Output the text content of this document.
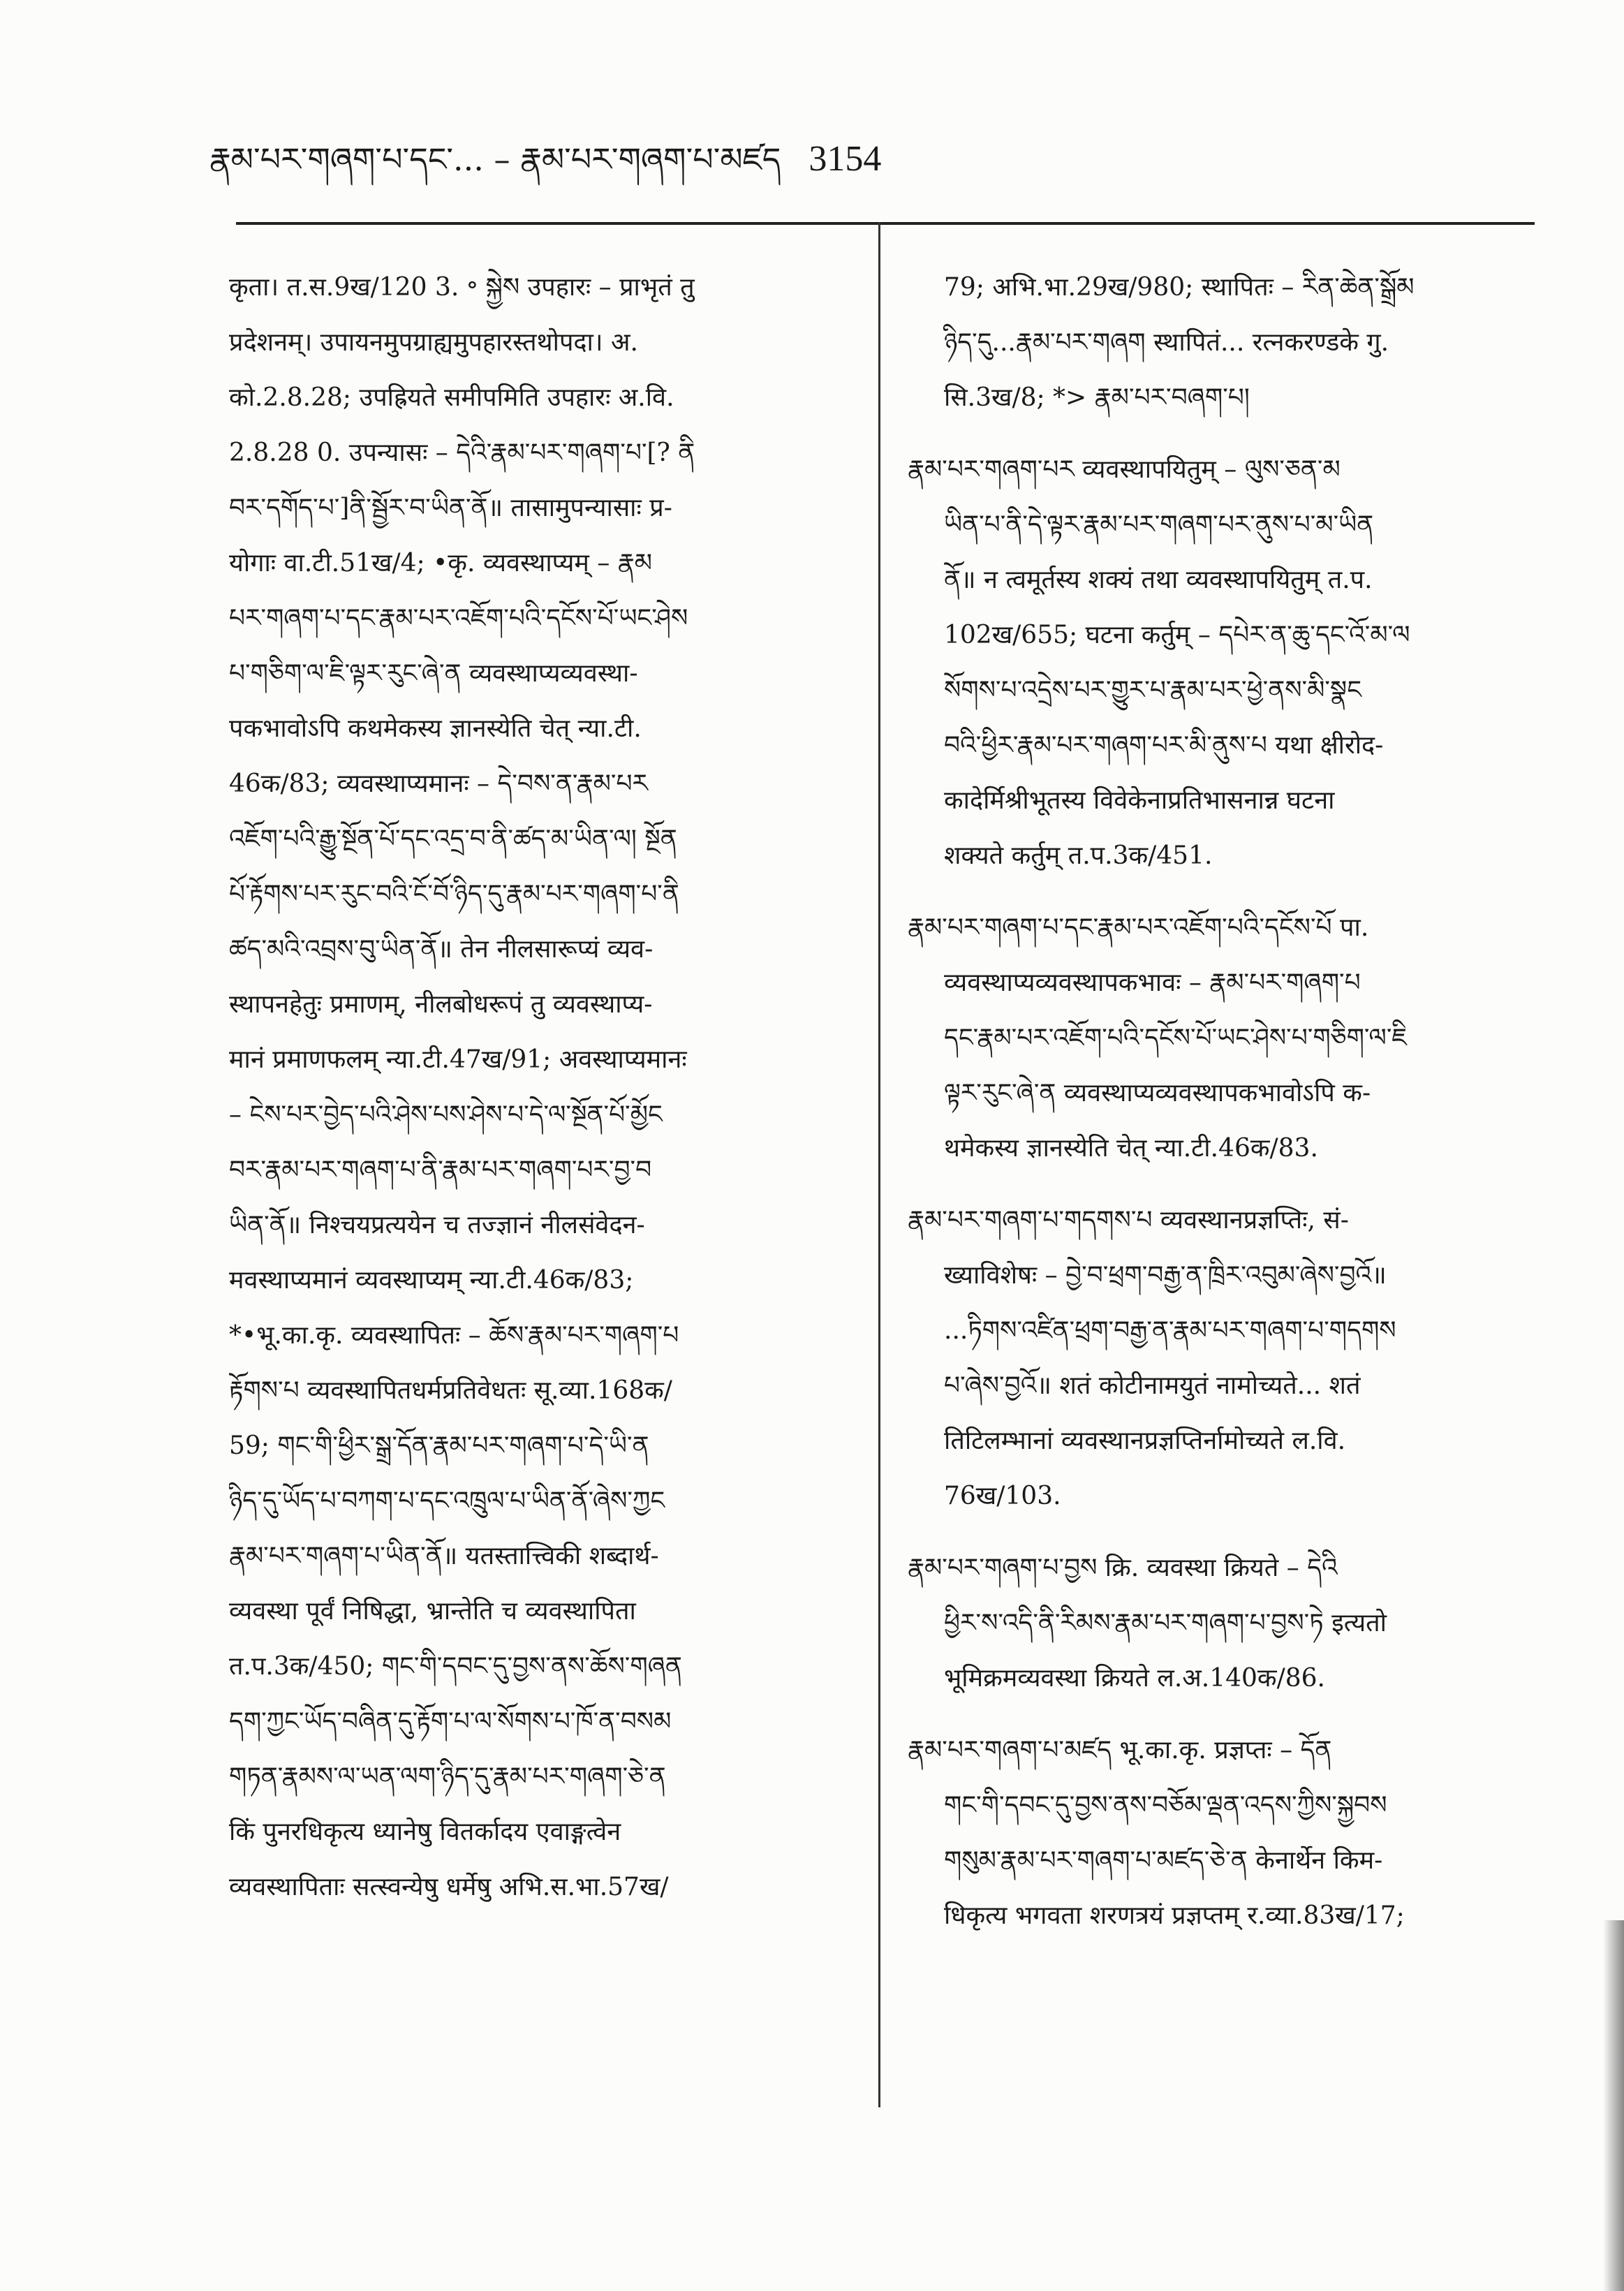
རྣམ་པར་གཞག་པ་དང་... – རྣམ་པར་གཞག་པ་མཛད 3154
कृता। त.स.9ख/120 3. ॰ སྐྱེས उपहारः – प्राभृतं तु
प्रदेशनम्। उपायनमुपग्राह्यमुपहारस्तथोपदा। अ.
को.2.8.28; उपह्रियते समीपमिति उपहारः अ.वि.
2.8.28 0. उपन्यासः – དེའི་རྣམ་པར་གཞག་པ་[? ནི
བར་དགོད་པ་]ནི་སྦྱོར་བ་ཡིན་ནོ॥ तासामुपन्यासाः प्र-
योगाः वा.टी.51ख/4; •कृ. व्यवस्थाप्यम् – རྣམ
པར་གཞག་པ་དང་རྣམ་པར་འཇོག་པའི་དངོས་པོ་ཡང་ཤེས
པ་གཅིག་ལ་ཇི་ལྟར་རུང་ཞེ་ན व्यवस्थाप्यव्यवस्था-
पकभावोऽपि कथमेकस्य ज्ञानस्येति चेत् न्या.टी.
46क/83; व्यवस्थाप्यमानः – དེ་བས་ན་རྣམ་པར
འཇོག་པའི་རྒྱུ་སྔོན་པོ་དང་འདྲ་བ་ནི་ཚད་མ་ཡིན་ལ། སྔོན
པོ་རྟོགས་པར་རུང་བའི་ངོ་བོ་ཉིད་དུ་རྣམ་པར་གཞག་པ་ནི
ཚད་མའི་འབྲས་བུ་ཡིན་ནོ॥ तेन नीलसारूप्यं व्यव-
स्थापनहेतुः प्रमाणम्, नीलबोधरूपं तु व्यवस्थाप्य-
मानं प्रमाणफलम् न्या.टी.47ख/91; अवस्थाप्यमानः
– ངེས་པར་བྱེད་པའི་ཤེས་པས་ཤེས་པ་དེ་ལ་སྔོན་པོ་མྱོང
བར་རྣམ་པར་གཞག་པ་ནི་རྣམ་པར་གཞག་པར་བྱ་བ
ཡིན་ནོ॥ निश्चयप्रत्ययेन च तज्ज्ञानं नीलसंवेदन-
मवस्थाप्यमानं व्यवस्थाप्यम् न्या.टी.46क/83;
*•भू.का.कृ. व्यवस्थापितः – ཆོས་རྣམ་པར་གཞག་པ
རྟོགས་པ व्यवस्थापितधर्मप्रतिवेधतः सू.व्या.168क/
59; གང་གི་ཕྱིར་སྒྲ་དོན་རྣམ་པར་གཞག་པ་དེ་ཡི་ན
ཉིད་དུ་ཡོད་པ་བཀག་པ་དང་འཁྲུལ་པ་ཡིན་ནོ་ཞེས་ཀྱང
རྣམ་པར་གཞག་པ་ཡིན་ནོ॥ यतस्तात्त्विकी शब्दार्थ-
व्यवस्था पूर्वं निषिद्धा, भ्रान्तेति च व्यवस्थापिता
त.प.3क/450; གང་གི་དབང་དུ་བྱས་ནས་ཆོས་གཞན
དག་ཀྱང་ཡོད་བཞིན་དུ་རྟོག་པ་ལ་སོགས་པ་ཁོ་ན་བསམ
གཏན་རྣམས་ལ་ཡན་ལག་ཉིད་དུ་རྣམ་པར་གཞག་ཅེ་ན
किं पुनरधिकृत्य ध्यानेषु वितर्कादय एवाङ्गत्वेन
व्यवस्थापिताः सत्स्वन्येषु धर्मेषु अभि.स.भा.57ख/
79; अभि.भा.29ख/980; स्थापितः – རིན་ཆེན་སྒྲོམ
ཉིད་དུ...རྣམ་པར་གཞག स्थापितं... रत्नकरण्डके गु.
सि.3ख/8; *> རྣམ་པར་བཞག་པ།
རྣམ་པར་གཞག་པར व्यवस्थापयितुम् – ལུས་ཅན་མ
ཡིན་པ་ནི་དེ་ལྟར་རྣམ་པར་གཞག་པར་ནུས་པ་མ་ཡིན
ནོ॥ न त्वमूर्तस्य शक्यं तथा व्यवस्थापयितुम् त.प.
102ख/655; घटना कर्तुम् – དཔེར་ན་ཆུ་དང་འོ་མ་ལ
སོགས་པ་འདྲེས་པར་གྱུར་པ་རྣམ་པར་ཕྱེ་ནས་མི་སྣང
བའི་ཕྱིར་རྣམ་པར་གཞག་པར་མི་ནུས་པ यथा क्षीरोद-
कादेर्मिश्रीभूतस्य विवेकेनाप्रतिभासनान्न घटना
शक्यते कर्तुम् त.प.3क/451.
རྣམ་པར་གཞག་པ་དང་རྣམ་པར་འཇོག་པའི་དངོས་པོ पा.
व्यवस्थाप्यव्यवस्थापकभावः – རྣམ་པར་གཞག་པ
དང་རྣམ་པར་འཇོག་པའི་དངོས་པོ་ཡང་ཤེས་པ་གཅིག་ལ་ཇི
ལྟར་རུང་ཞེ་ན व्यवस्थाप्यव्यवस्थापकभावोऽपि क-
थमेकस्य ज्ञानस्येति चेत् न्या.टी.46क/83.
རྣམ་པར་གཞག་པ་གདགས་པ व्यवस्थानप्रज्ञप्तिः, सं-
ख्याविशेषः – བྱེ་བ་ཕྲག་བརྒྱ་ན་ཁྲིར་འབུམ་ཞེས་བྱའོ॥
...ཏིགས་འཛིན་ཕྲག་བརྒྱ་ན་རྣམ་པར་གཞག་པ་གདགས
པ་ཞེས་བྱའོ॥ शतं कोटीनामयुतं नामोच्यते... शतं
तिटिलम्भानां व्यवस्थानप्रज्ञप्तिर्नामोच्यते ल.वि.
76ख/103.
རྣམ་པར་གཞག་པ་བྱས क्रि. व्यवस्था क्रियते – དེའི
ཕྱིར་ས་འདི་ནི་རིམས་རྣམ་པར་གཞག་པ་བྱས་ཏེ इत्यतो
भूमिक्रमव्यवस्था क्रियते ल.अ.140क/86.
རྣམ་པར་གཞག་པ་མཛད भू.का.कृ. प्रज्ञप्तः – དོན
གང་གི་དབང་དུ་བྱས་ནས་བཅོམ་ལྡན་འདས་ཀྱིས་སྐྱབས
གསུམ་རྣམ་པར་གཞག་པ་མཛད་ཅེ་ན केनार्थेन किम-
धिकृत्य भगवता शरणत्रयं प्रज्ञप्तम् र.व्या.83ख/17;
